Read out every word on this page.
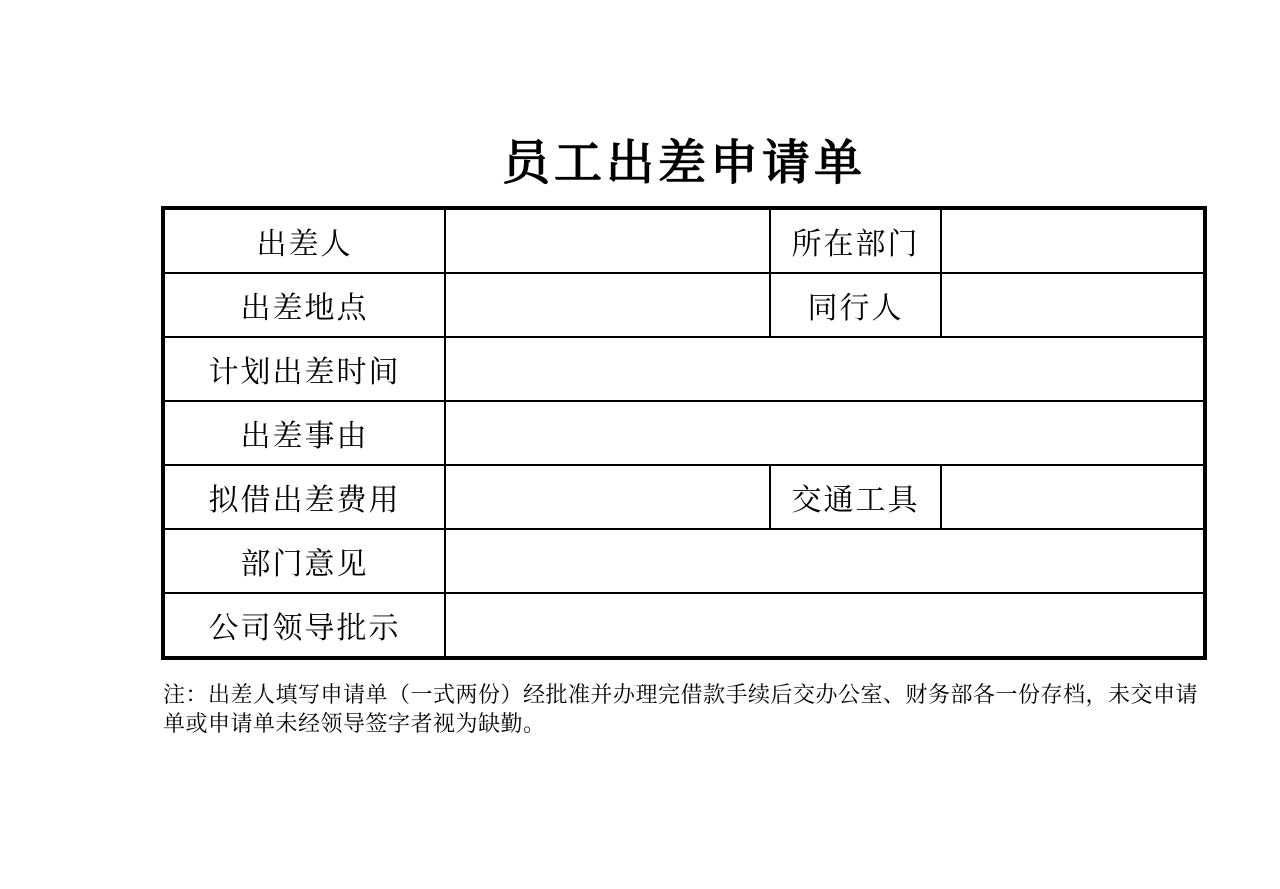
员工出差申请单
出差人		所在部门	
出差地点		同行人	
计划出差时间			
出差事由			
拟借出差费用		交通工具	
部门意见			
公司领导批示			
注：出差人填写申请单（一式两份）经批准并办理完借款手续后交办公室、财务部各一份存档，未交申请
单或申请单未经领导签字者视为缺勤。
